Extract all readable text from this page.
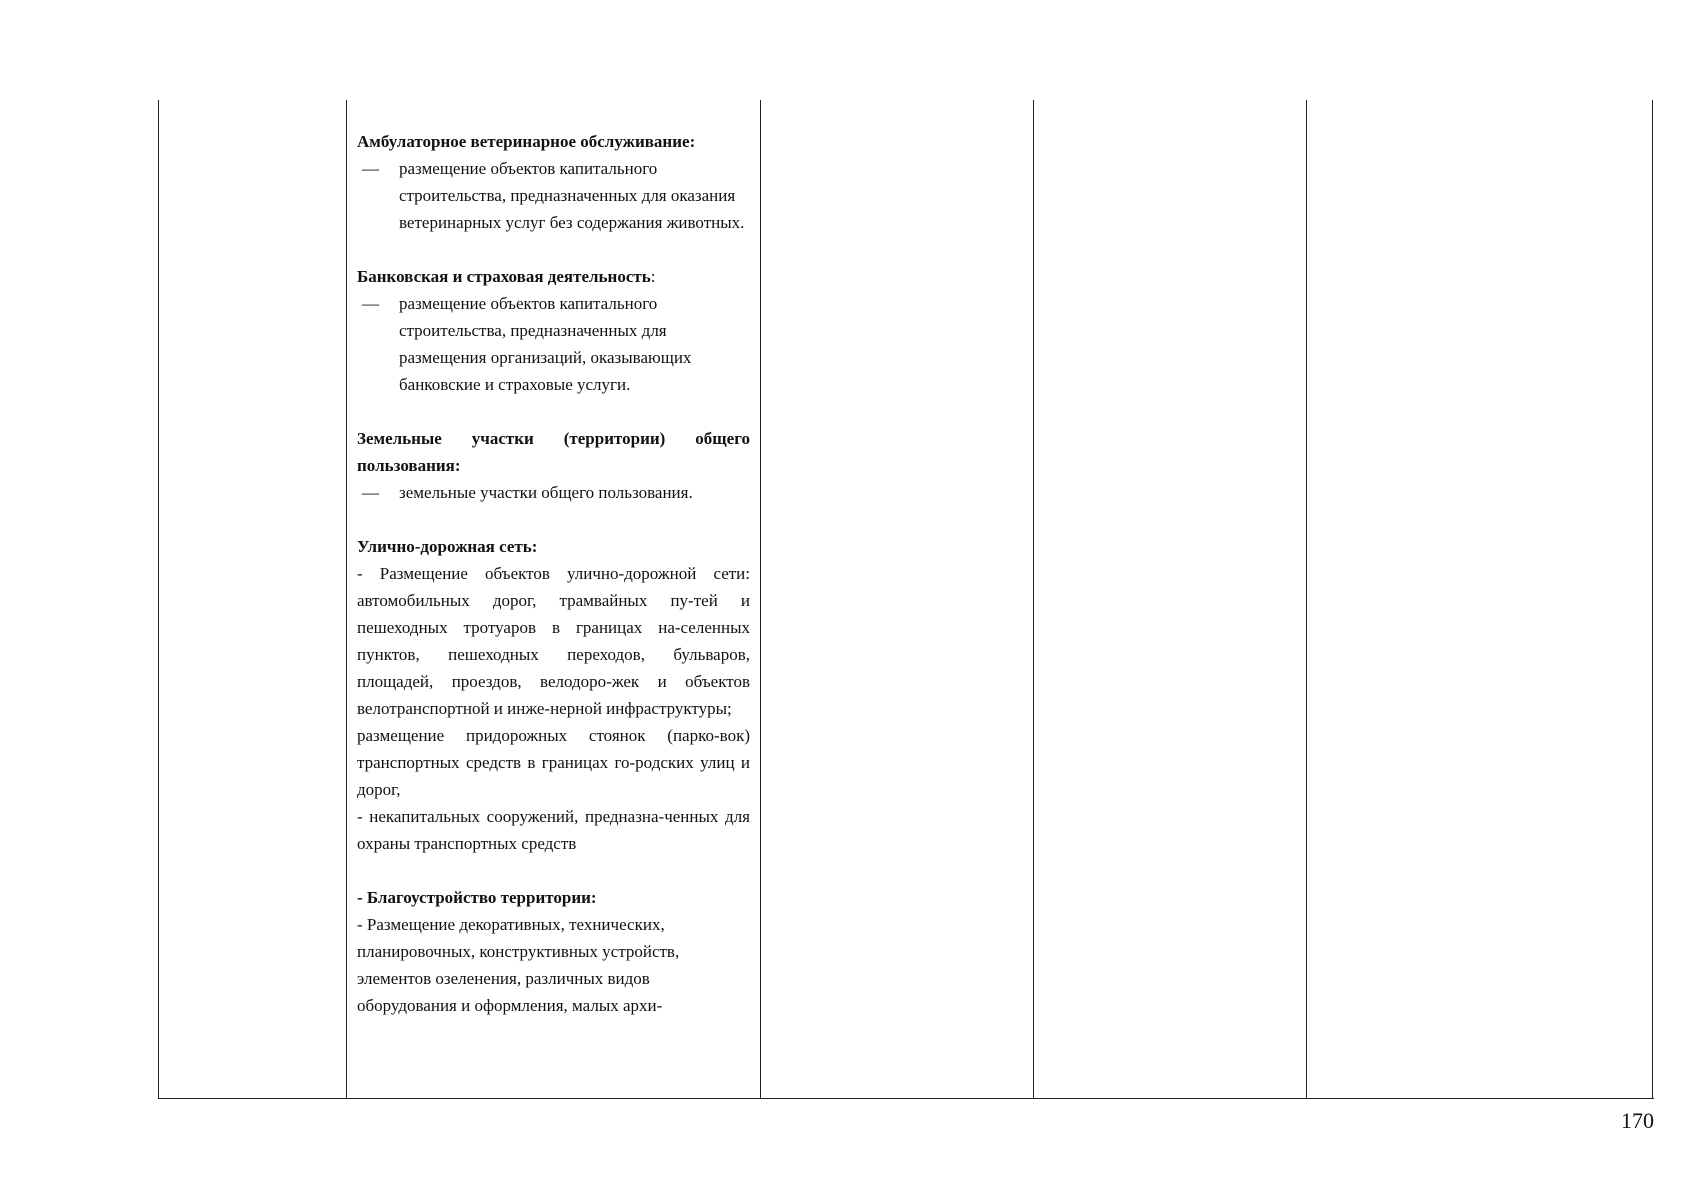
Амбулаторное ветеринарное обслуживание:
— размещение объектов капитального строительства, предназначенных для оказания ветеринарных услуг без содержания животных.
Банковская и страховая деятельность:
— размещение объектов капитального строительства, предназначенных для размещения организаций, оказывающих банковские и страховые услуги.
Земельные участки (территории) общего пользования:
— земельные участки общего пользования.
Улично-дорожная сеть:
- Размещение объектов улично-дорожной сети: автомобильных дорог, трамвайных пу-тей и пешеходных тротуаров в границах на-селенных пунктов, пешеходных переходов, бульваров, площадей, проездов, велодоро-жек и объектов велотранспортной и инже-нерной инфраструктуры;
размещение придорожных стоянок (парко-вок) транспортных средств в границах го-родских улиц и дорог,
- некапитальных сооружений, предназна-ченных для охраны транспортных средств
- Благоустройство территории:
- Размещение декоративных, технических, планировочных, конструктивных устройств, элементов озеленения, различных видов оборудования и оформления, малых архи-
170
